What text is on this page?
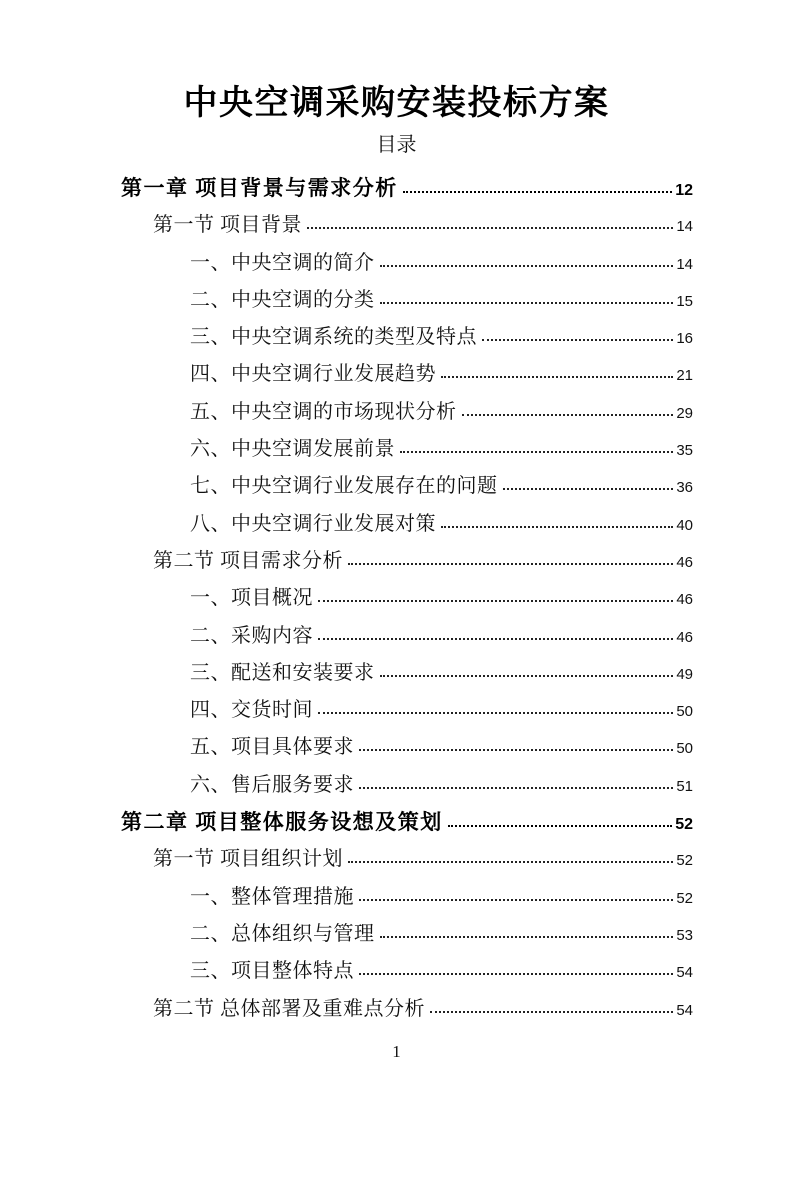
中央空调采购安装投标方案
目录
第一章 项目背景与需求分析	12
第一节 项目背景	14
一、中央空调的简介	14
二、中央空调的分类	15
三、中央空调系统的类型及特点	16
四、中央空调行业发展趋势	21
五、中央空调的市场现状分析	29
六、中央空调发展前景	35
七、中央空调行业发展存在的问题	36
八、中央空调行业发展对策	40
第二节 项目需求分析	46
一、项目概况	46
二、采购内容	46
三、配送和安装要求	49
四、交货时间	50
五、项目具体要求	50
六、售后服务要求	51
第二章 项目整体服务设想及策划	52
第一节 项目组织计划	52
一、整体管理措施	52
二、总体组织与管理	53
三、项目整体特点	54
第二节 总体部署及重难点分析	54
1
